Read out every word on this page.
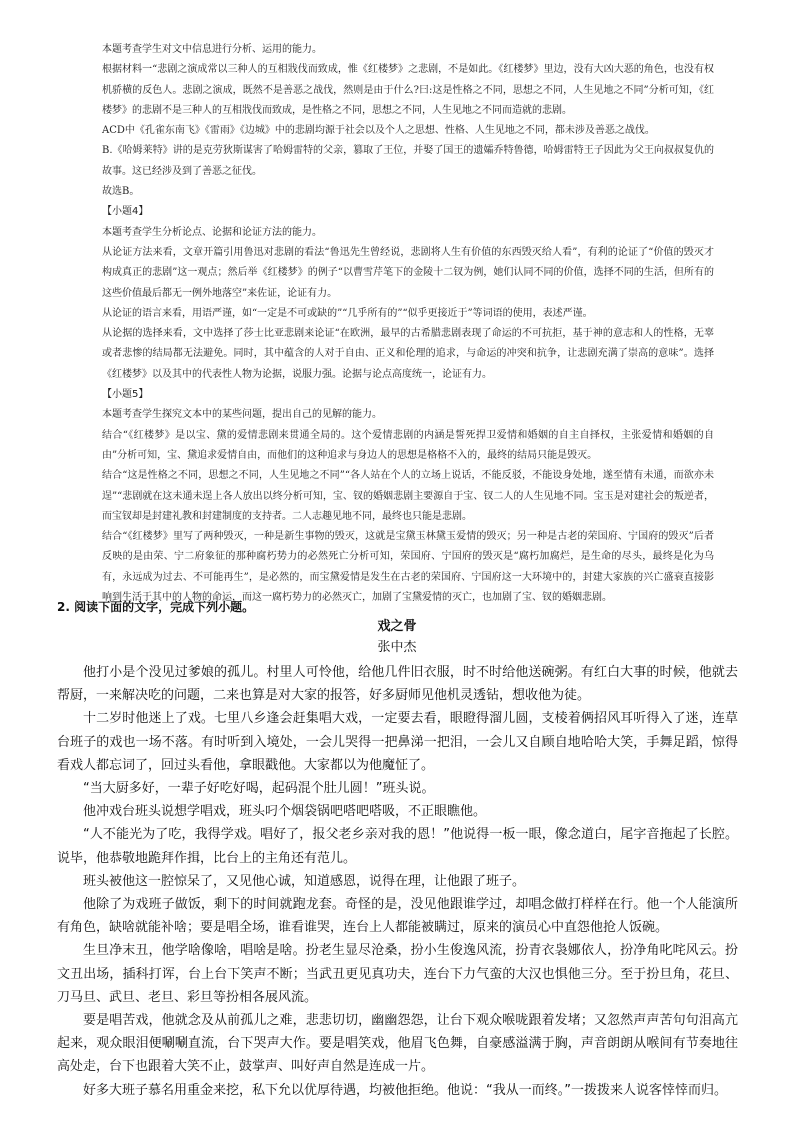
本题考查学生对文中信息进行分析、运用的能力。

根据材料一“悲剧之演成常以三种人的互相戕伐而致成，惟《红楼梦》之悲剧，不是如此。《红楼梦》里边，没有大凶大恶的角色，也没有权机骄横的反色人。悲剧之演成，既然不是善恶之战伐，然则是由于什么?曰:这是性格之不同，思想之不同，人生见地之不同”分析可知，《红楼梦》的悲剧不是三种人的互相戕伐而致成，是性格之不同，思想之不同，人生见地之不同而造就的悲剧。

ACD中《孔雀东南飞》《雷雨》《边城》中的悲剧均源于社会以及个人之思想、性格、人生见地之不同，都未涉及善恶之战伐。

B.《哈姆莱特》讲的是克劳狄斯谋害了哈姆雷特的父亲，篡取了王位，并娶了国王的遗孀乔特鲁德，哈姆雷特王子因此为父王向叔叔复仇的故事。这已经涉及到了善恶之征伐。

故选B。

【小题4】

本题考查学生分析论点、论据和论证方法的能力。

从论证方法来看，文章开篇引用鲁迅对悲剧的看法“鲁迅先生曾经说，悲剧将人生有价值的东西毁灭给人看”，有利的论证了“价值的毁灭才构成真正的悲剧”这一观点；然后举《红楼梦》的例子“以曹雪芹笔下的金陵十二钗为例，她们认同不同的价值，选择不同的生活，但所有的这些价值最后都无一例外地落空”来佐证，论证有力。

从论证的语言来看，用语严谨，如“一定是不可或缺的”“几乎所有的”“似乎更接近于”等词语的使用，表述严谨。

从论据的选择来看，文中选择了莎士比亚悲剧来论证“在欧洲，最早的古希腊悲剧表现了命运的不可抗拒，基于神的意志和人的性格，无辜或者悲惨的结局都无法避免。同时，其中蕴含的人对于自由、正义和伦理的追求，与命运的冲突和抗争，让悲剧充满了崇高的意味”。选择《红楼梦》以及其中的代表性人物为论据，说服力强。论据与论点高度统一，论证有力。

【小题5】

本题考查学生探究文本中的某些问题，提出自己的见解的能力。

结合“《红楼梦》是以宝、黛的爱情悲剧来贯通全局的。这个爱情悲剧的内涵是誓死捍卫爱情和婚姻的自主自择权，主张爱情和婚姻的自由”分析可知，宝、黛追求爱情自由，而他们的这种追求与身边人的思想是格格不入的，最终的结局只能是毁灭。

结合“这是性格之不同，思想之不同，人生见地之不同”“各人站在个人的立场上说话，不能反驳，不能设身处地，遂至情有未通，而欲亦未逞”“悲剧就在这未通未逞上各人放出以终分析可知，宝、钗的婚姻悲剧主要源自于宝、钗二人的人生见地不同。宝玉是对建社会的叛逆者，而宝钗却是封建礼教和封建制度的支持者。二人志趣见地不同，最终也只能是悲剧。

结合“《红楼梦》里写了两种毁灭，一种是新生事物的毁灭，这就是宝黛玉林黛玉爱情的毁灭；另一种是古老的荣国府、宁国府的毁灭”后者反映的是由荣、宁二府象征的那种腐朽势力的必然死亡分析可知，荣国府、宁国府的毁灭是“腐朽加腐烂，是生命的尽头，最终是化为乌有，永远成为过去、不可能再生”，是必然的，而宝黛爱情是发生在古老的荣国府、宁国府这一大环境中的，封建大家族的兴亡盛衰直接影响到生活于其中的人物的命运，而这一腐朽势力的必然灭亡，加剧了宝黛爱情的灭亡，也加剧了宝、钗的婚姻悲剧。

2. 阅读下面的文字，完成下列小题。

戏之骨

张中杰

他打小是个没见过爹娘的孤儿。村里人可怜他，给他几件旧衣服，时不时给他送碗粥。有红白大事的时候，他就去帮厨，一来解决吃的问题，二来也算是对大家的报答，好多厨师见他机灵透钻，想收他为徒。

十二岁时他迷上了戏。七里八乡逢会赶集唱大戏，一定要去看，眼瞪得溜儿圆，支棱着俩招风耳听得入了迷，连草台班子的戏也一场不落。有时听到入境处，一会儿哭得一把鼻涕一把泪，一会儿又自顾自地哈哈大笑，手舞足蹈，惊得看戏人都忘词了，回过头看他，拿眼戳他。大家都以为他魔怔了。

“当大厨多好，一辈子好吃好喝，起码混个肚儿圆！”班头说。

他冲戏台班头说想学唱戏，班头叼个烟袋锅吧嗒吧嗒吸，不正眼瞧他。

“人不能光为了吃，我得学戏。唱好了，报父老乡亲对我的恩！”他说得一板一眼，像念道白，尾字音拖起了长腔。说毕，他恭敬地跪拜作揖，比台上的主角还有范儿。

班头被他这一腔惊呆了，又见他心诚，知道感恩，说得在理，让他跟了班子。

他除了为戏班子做饭，剩下的时间就跑龙套。奇怪的是，没见他跟谁学过，却唱念做打样样在行。他一个人能演所有角色，缺啥就能补啥；要是唱全场，谁看谁哭，连台上人都能被瞒过，原来的演员心中直怨他抢人饭碗。

生旦净末丑，他学啥像啥，唱啥是啥。扮老生显尽沧桑，扮小生俊逸风流，扮青衣袅娜依人，扮净角叱咤风云。扮文丑出场，插科打诨，台上台下笑声不断；当武丑更见真功夫，连台下力气蛮的大汉也惧他三分。至于扮旦角，花旦、刀马旦、武旦、老旦、彩旦等扮相各展风流。

要是唱苦戏，他就念及从前孤儿之难，悲悲切切，幽幽怨怨，让台下观众喉咙跟着发堵；又忽然声声苦句句泪高亢起来，观众眼泪便唰唰直流，台下哭声大作。要是唱笑戏，他眉飞色舞，自豪感溢满于胸，声音朗朗从喉间有节奏地往高处走，台下也跟着大笑不止，鼓掌声、叫好声自然是连成一片。

好多大班子慕名用重金来挖，私下允以优厚待遇，均被他拒绝。他说：“我从一而终。”一拨拨来人说客悻悻而归。
